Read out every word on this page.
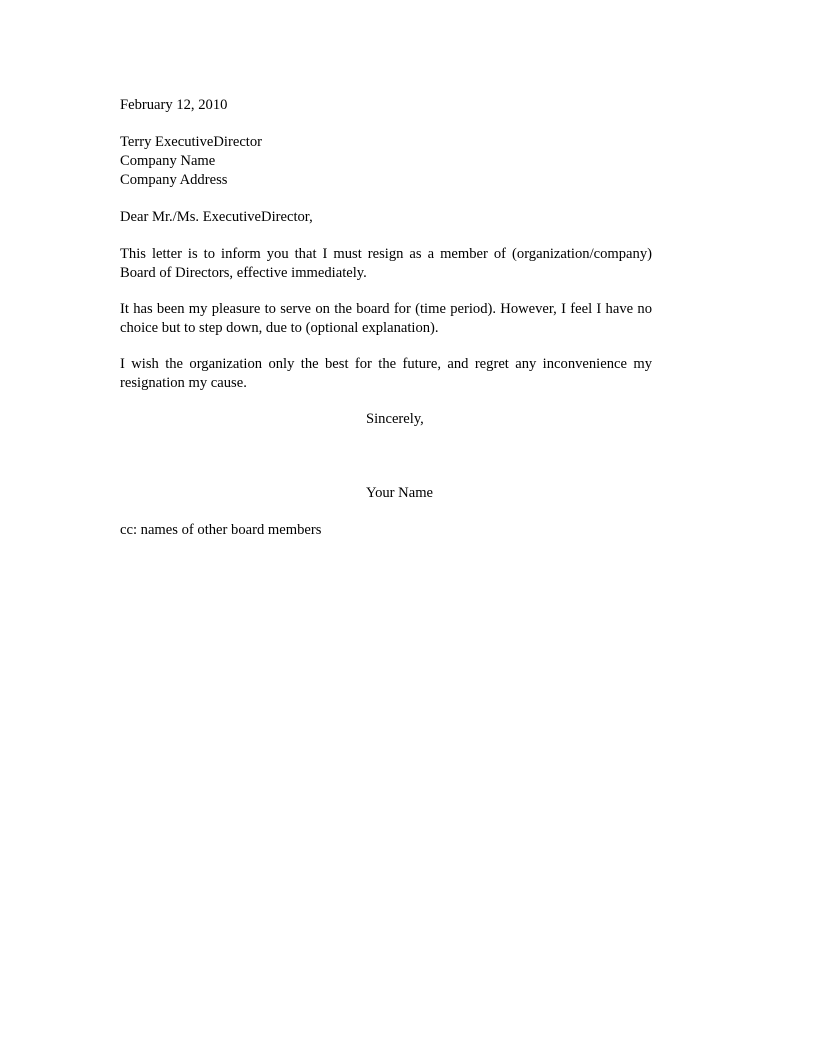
February 12, 2010
Terry ExecutiveDirector
Company Name
Company Address
Dear Mr./Ms. ExecutiveDirector,
This letter is to inform you that I must resign as a member of (organization/company) Board of Directors, effective immediately.
It has been my pleasure to serve on the board for (time period). However, I feel I have no choice but to step down, due to (optional explanation).
I wish the organization only the best for the future, and regret any inconvenience my resignation my cause.
Sincerely,
Your Name
cc: names of other board members
